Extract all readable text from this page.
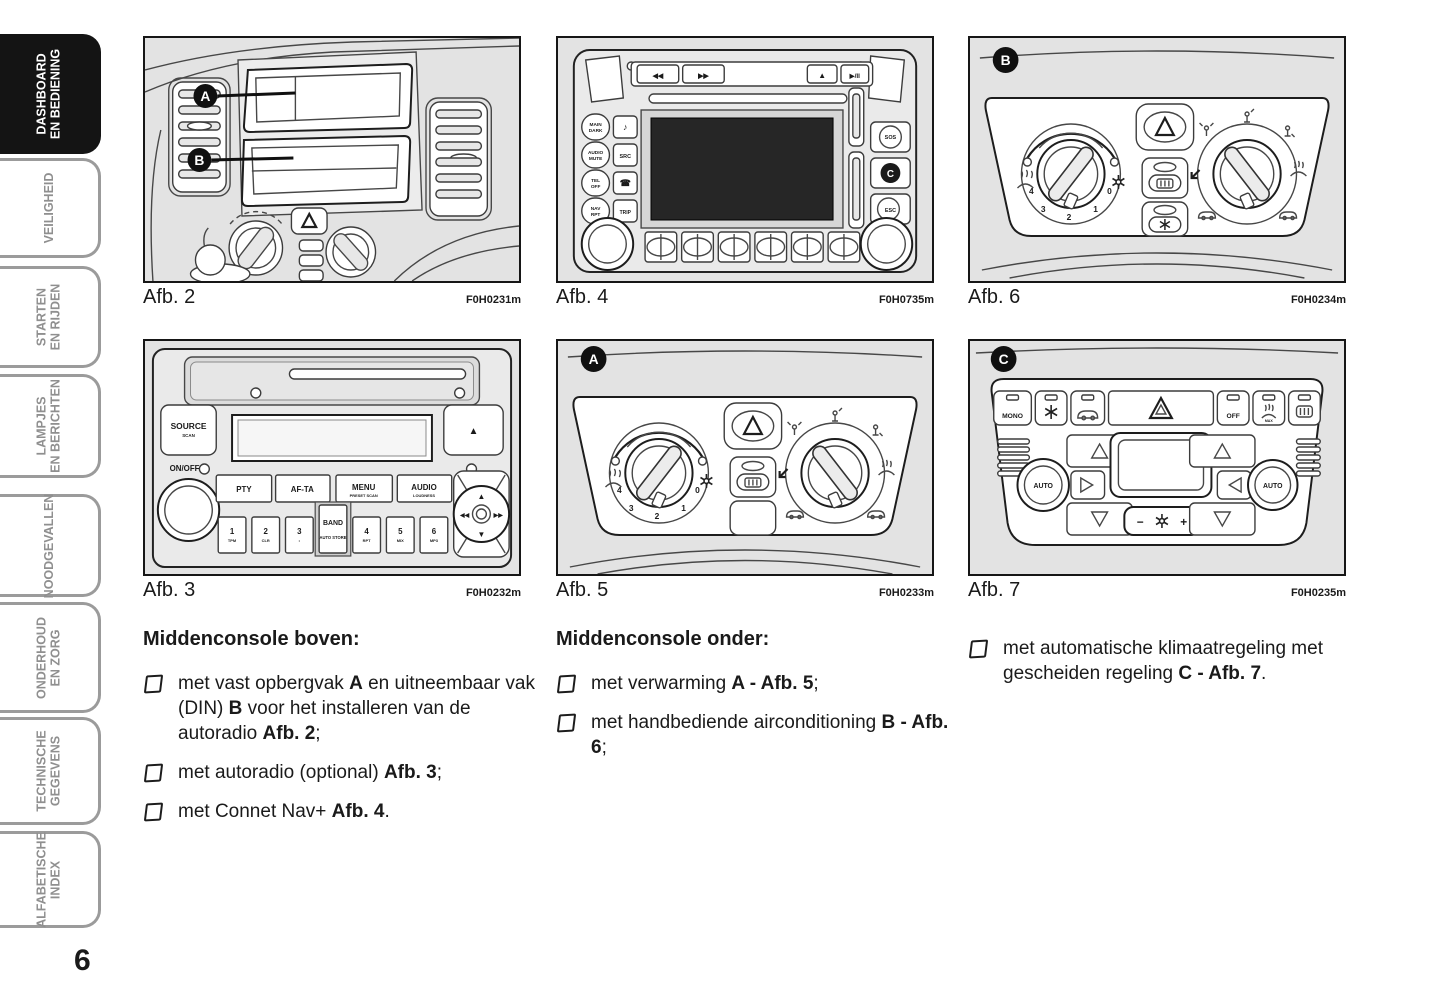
DASHBOARD EN BEDIENING
VEILIGHEID
STARTEN EN RIJDEN
LAMPJES EN BERICHTEN
NOODGEVALLEN
ONDERHOUD EN ZORG
TECHNISCHE GEGEVENS
ALFABETISCHE INDEX
6
A
B
Afb. 2	F0H0231m
◀◀	▶▶	▲	▶/II
MAIN
DARK ♪
AUDIO
MUTE	SRC
TEL
OFF ☎
NAV
RPT	TRIP
SOS
C
ESC
Afb. 4	F0H0735m
B
4
3
2
1
0
Afb. 6	F0H0234m
SOURCE
SCAN	▲
ON/OFF
PTY	AF-TA	MENU
PRESET SCAN
AUDIO
LOUDNESS
1
TPM
2
CLR
3
•
BAND
AUTO STORE
4
RPT
5
MIX
6
MP3
▲
▼
◀◀	▶▶
Afb. 3	F0H0232m
A
4
3
2
1
0
Afb. 5	F0H0233m
C
MONO	OFF
MAX
AUTO
−	+
AUTO
Afb. 7	F0H0235m
Middenconsole boven:
met vast opbergvak A en uitneembaar vak (DIN) B voor het installeren van de autoradio Afb. 2;
met autoradio (optional) Afb. 3;
met Connet Nav+ Afb. 4.
Middenconsole onder:
met verwarming A - Afb. 5;
met handbediende airconditioning B - Afb. 6;
met automatische klimaatregeling met gescheiden regeling C - Afb. 7.
